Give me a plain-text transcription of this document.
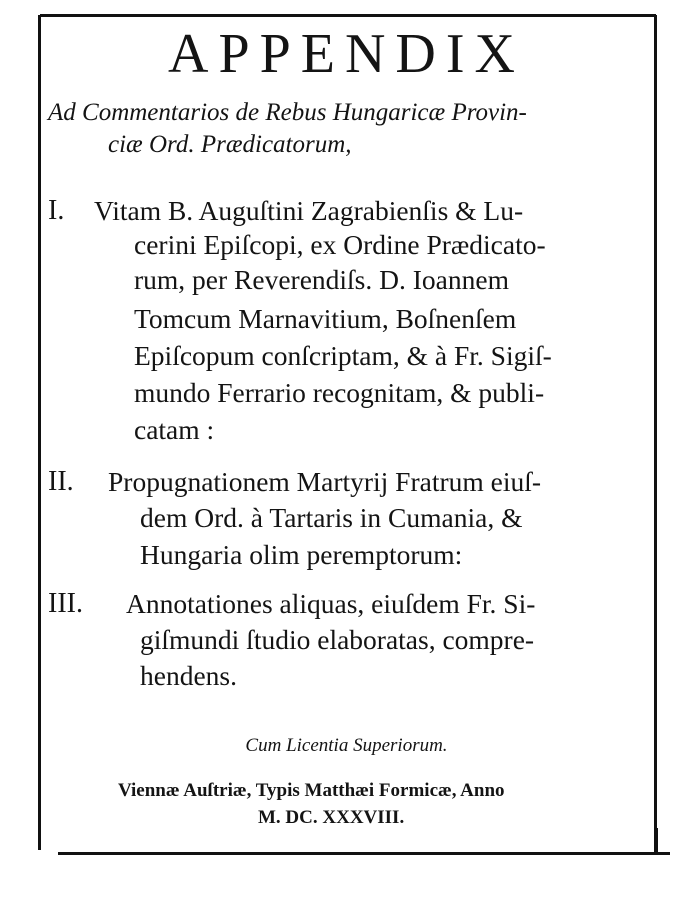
APPENDIX
Ad Commentarios de Rebus Hungaricæ Provin-
ciæ Ord. Prædicatorum,
I. Vitam B. Auguſtini Zagrabienſis & Lu-
cerini Epiſcopi, ex Ordine Prædicato-
rum, per Reverendiſs. D. Ioannem
Tomcum Marnavitium, Boſnenſem
Epiſcopum conſcriptam, & à Fr. Sigiſ-
mundo Ferrario recognitam, & publi-
catam :
II. Propugnationem Martyrij Fratrum eiuſ-
dem Ord. à Tartaris in Cumania, &
Hungaria olim peremptorum:
III. Annotationes aliquas, eiuſdem Fr. Si-
giſmundi ſtudio elaboratas, compre-
hendens.
Cum Licentia Superiorum.
Viennæ Auſtriæ, Typis Matthæi Formicæ, Anno
M. DC. XXXVIII.
